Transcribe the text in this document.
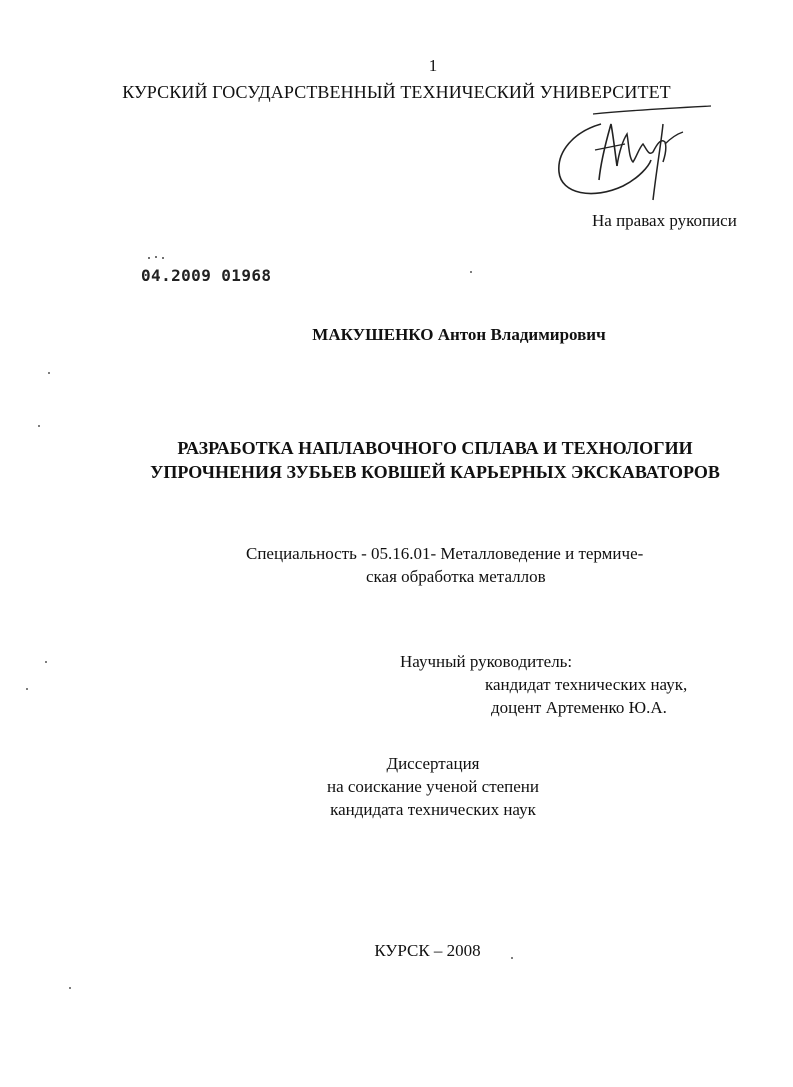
1
КУРСКИЙ ГОСУДАРСТВЕННЫЙ ТЕХНИЧЕСКИЙ УНИВЕРСИТЕТ
На правах рукописи
04.2009 01968
МАКУШЕНКО Антон Владимирович
РАЗРАБОТКА НАПЛАВОЧНОГО СПЛАВА И ТЕХНОЛОГИИ
УПРОЧНЕНИЯ ЗУБЬЕВ КОВШЕЙ КАРЬЕРНЫХ ЭКСКАВАТОРОВ
Специальность - 05.16.01- Металловедение и термиче-
ская обработка металлов
Научный руководитель:
кандидат технических наук,
доцент Артеменко Ю.А.
Диссертация
на соискание ученой степени
кандидата технических наук
КУРСК – 2008
